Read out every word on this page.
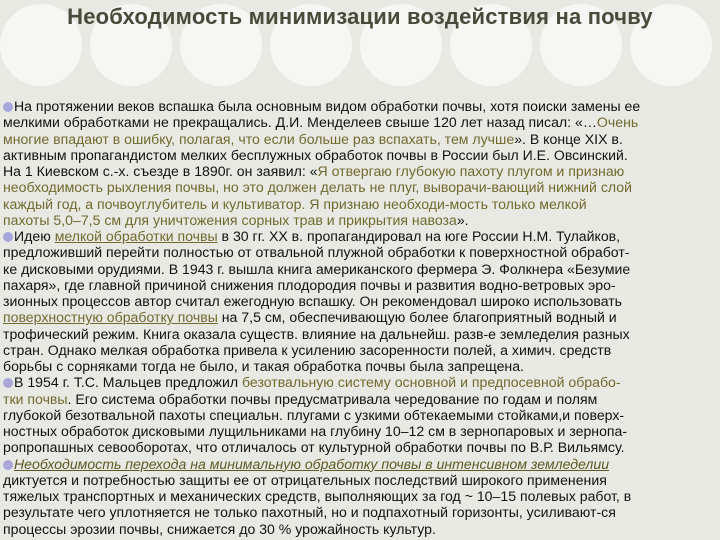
Необходимость минимизации воздействия на почву
На протяжении веков вспашка была основным видом обработки почвы, хотя поиски замены ее
мелкими обработками не прекращались. Д.И. Менделеев свыше 120 лет назад писал: «…Очень
многие впадают в ошибку, полагая, что если больше раз вспахать, тем лучше». В конце XIX в.
активным пропагандистом мелких бесплужных обработок почвы в России был И.Е. Овсинский.
На 1 Киевском с.-х. съезде в 1890г. он заявил: «Я отвергаю глубокую пахоту плугом и признаю
необходимость рыхления почвы, но это должен делать не плуг, выворачи-вающий нижний слой
каждый год, а почвоуглубитель и культиватор. Я признаю необходи-мость только мелкой
пахоты 5,0–7,5 см для уничтожения сорных трав и прикрытия навоза».
Идею мелкой обработки почвы в 30 гг. XX в. пропагандировал на юге России Н.М. Тулайков,
предложивший перейти полностью от отвальной плужной обработки к поверхностной обработ-
ке дисковыми орудиями. В 1943 г. вышла книга американского фермера Э. Фолкнера «Безумие
пахаря», где главной причиной снижения плодородия почвы и развития водно-ветровых эро-
зионных процессов автор считал ежегодную вспашку. Он рекомендовал широко использовать
поверхностную обработку почвы на 7,5 см, обеспечивающую более благоприятный водный и
трофический режим. Книга оказала существ. влияние на дальнейш. разв-е земледелия разных
стран. Однако мелкая обработка привела к усилению засоренности полей, а химич. средств
борьбы с сорняками тогда не было, и такая обработка почвы была запрещена.
В 1954 г. Т.С. Мальцев предложил безотвальную систему основной и предпосевной обрабо-
тки почвы. Его система обработки почвы предусматривала чередование по годам и полям
глубокой безотвальной пахоты специальн. плугами с узкими обтекаемыми стойками,и поверх-
ностных обработок дисковыми лущильниками на глубину 10–12 см в зернопаровых и зернопа-
ропропашных севооборотах, что отличалось от культурной обработки почвы по В.Р. Вильямсу.
Необходимость перехода на минимальную обработку почвы в интенсивном земледелии
диктуется и потребностью защиты ее от отрицательных последствий широкого применения
тяжелых транспортных и механических средств, выполняющих за год ~ 10–15 полевых работ, в
результате чего уплотняется не только пахотный, но и подпахотный горизонты, усиливают-ся
процессы эрозии почвы, снижается до 30 % урожайность культур.
